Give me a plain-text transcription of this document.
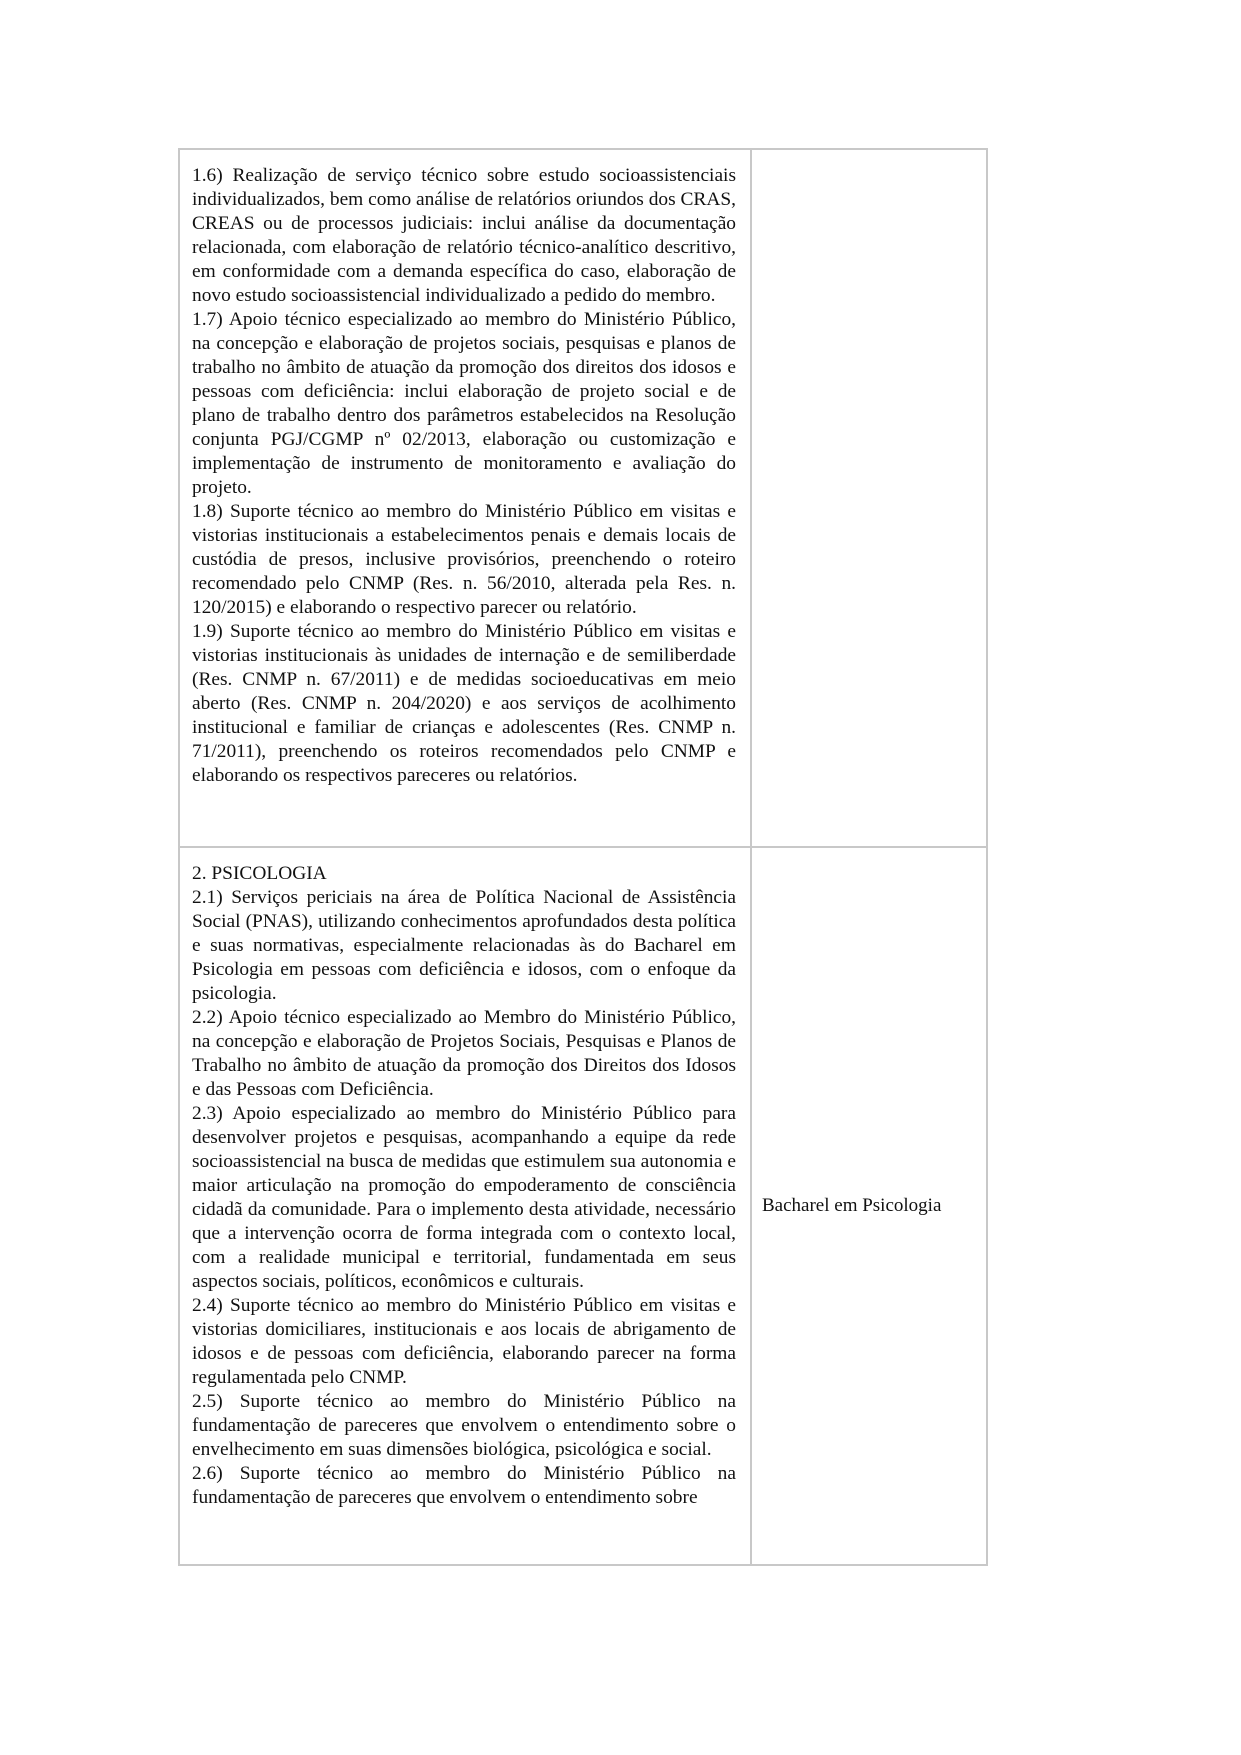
1.6) Realização de serviço técnico sobre estudo socioassistenciais individualizados, bem como análise de relatórios oriundos dos CRAS, CREAS ou de processos judiciais: inclui análise da documentação relacionada, com elaboração de relatório técnico-analítico descritivo, em conformidade com a demanda específica do caso, elaboração de novo estudo socioassistencial individualizado a pedido do membro.

1.7) Apoio técnico especializado ao membro do Ministério Público, na concepção e elaboração de projetos sociais, pesquisas e planos de trabalho no âmbito de atuação da promoção dos direitos dos idosos e pessoas com deficiência: inclui elaboração de projeto social e de plano de trabalho dentro dos parâmetros estabelecidos na Resolução conjunta PGJ/CGMP nº 02/2013, elaboração ou customização e implementação de instrumento de monitoramento e avaliação do projeto.

1.8) Suporte técnico ao membro do Ministério Público em visitas e vistorias institucionais a estabelecimentos penais e demais locais de custódia de presos, inclusive provisórios, preenchendo o roteiro recomendado pelo CNMP (Res. n. 56/2010, alterada pela Res. n. 120/2015) e elaborando o respectivo parecer ou relatório.

1.9) Suporte técnico ao membro do Ministério Público em visitas e vistorias institucionais às unidades de internação e de semiliberdade (Res. CNMP n. 67/2011) e de medidas socioeducativas em meio aberto (Res. CNMP n. 204/2020) e aos serviços de acolhimento institucional e familiar de crianças e adolescentes (Res. CNMP n. 71/2011), preenchendo os roteiros recomendados pelo CNMP e elaborando os respectivos pareceres ou relatórios.

2. PSICOLOGIA

2.1) Serviços periciais na área de Política Nacional de Assistência Social (PNAS), utilizando conhecimentos aprofundados desta política e suas normativas, especialmente relacionadas às do Bacharel em Psicologia em pessoas com deficiência e idosos, com o enfoque da psicologia.

2.2) Apoio técnico especializado ao Membro do Ministério Público, na concepção e elaboração de Projetos Sociais, Pesquisas e Planos de Trabalho no âmbito de atuação da promoção dos Direitos dos Idosos e das Pessoas com Deficiência.

2.3) Apoio especializado ao membro do Ministério Público para desenvolver projetos e pesquisas, acompanhando a equipe da rede socioassistencial na busca de medidas que estimulem sua autonomia e maior articulação na promoção do empoderamento de consciência cidadã da comunidade. Para o implemento desta atividade, necessário que a intervenção ocorra de forma integrada com o contexto local, com a realidade municipal e territorial, fundamentada em seus aspectos sociais, políticos, econômicos e culturais.

2.4) Suporte técnico ao membro do Ministério Público em visitas e vistorias domiciliares, institucionais e aos locais de abrigamento de idosos e de pessoas com deficiência, elaborando parecer na forma regulamentada pelo CNMP.

2.5) Suporte técnico ao membro do Ministério Público na fundamentação de pareceres que envolvem o entendimento sobre o envelhecimento em suas dimensões biológica, psicológica e social.

2.6) Suporte técnico ao membro do Ministério Público na fundamentação de pareceres que envolvem o entendimento sobre

Bacharel em Psicologia
